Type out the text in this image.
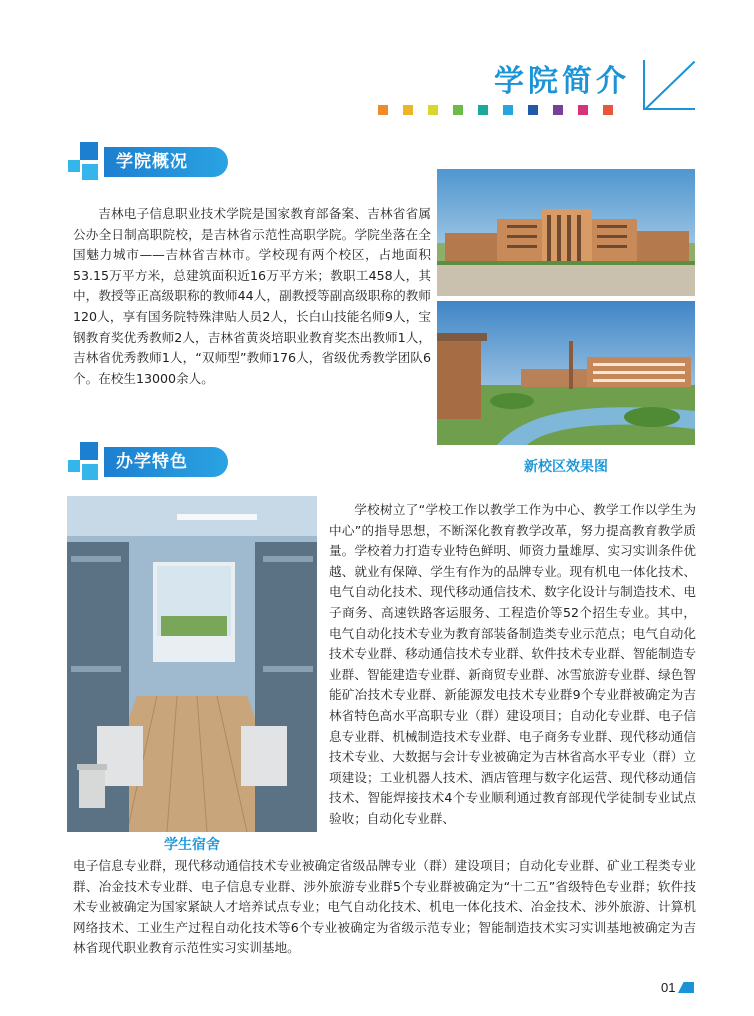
学院简介
学院概况

吉林电子信息职业技术学院是国家教育部备案、吉林省省属公办全日制高职院校，是吉林省示范性高职学院。学院坐落在全国魅力城市——吉林省吉林市。学校现有两个校区，占地面积53.15万平方米，总建筑面积近16万平方米；教职工458人，其中，教授等正高级职称的教师44人，副教授等副高级职称的教师120人，享有国务院特殊津贴人员2人，长白山技能名师9人，宝钢教育奖优秀教师2人，吉林省黄炎培职业教育奖杰出教师1人，吉林省优秀教师1人，“双师型”教师176人，省级优秀教学团队6个。在校生13000余人。

新校区效果图
办学特色
学生宿舍

学校树立了“学校工作以教学工作为中心、教学工作以学生为中心”的指导思想，不断深化教育教学改革，努力提高教育教学质量。学校着力打造专业特色鲜明、师资力量雄厚、实习实训条件优越、就业有保障、学生有作为的品牌专业。现有机电一体化技术、电气自动化技术、现代移动通信技术、数字化设计与制造技术、电子商务、高速铁路客运服务、工程造价等52个招生专业。其中，电气自动化技术专业为教育部装备制造类专业示范点；电气自动化技术专业群、移动通信技术专业群、软件技术专业群、智能制造专业群、智能建造专业群、新商贸专业群、冰雪旅游专业群、绿色智能矿冶技术专业群、新能源发电技术专业群9个专业群被确定为吉林省特色高水平高职专业（群）建设项目；自动化专业群、电子信息专业群、机械制造技术专业群、电子商务专业群、现代移动通信技术专业、大数据与会计专业被确定为吉林省高水平专业（群）立项建设；工业机器人技术、酒店管理与数字化运营、现代移动通信技术、智能焊接技术4个专业顺利通过教育部现代学徒制专业试点验收；自动化专业群、

电子信息专业群，现代移动通信技术专业被确定省级品牌专业（群）建设项目；自动化专业群、矿业工程类专业群、冶金技术专业群、电子信息专业群、涉外旅游专业群5个专业群被确定为“十二五”省级特色专业群；软件技术专业被确定为国家紧缺人才培养试点专业；电气自动化技术、机电一体化技术、冶金技术、涉外旅游、计算机网络技术、工业生产过程自动化技术等6个专业被确定为省级示范专业；智能制造技术实习实训基地被确定为吉林省现代职业教育示范性实习实训基地。

01
